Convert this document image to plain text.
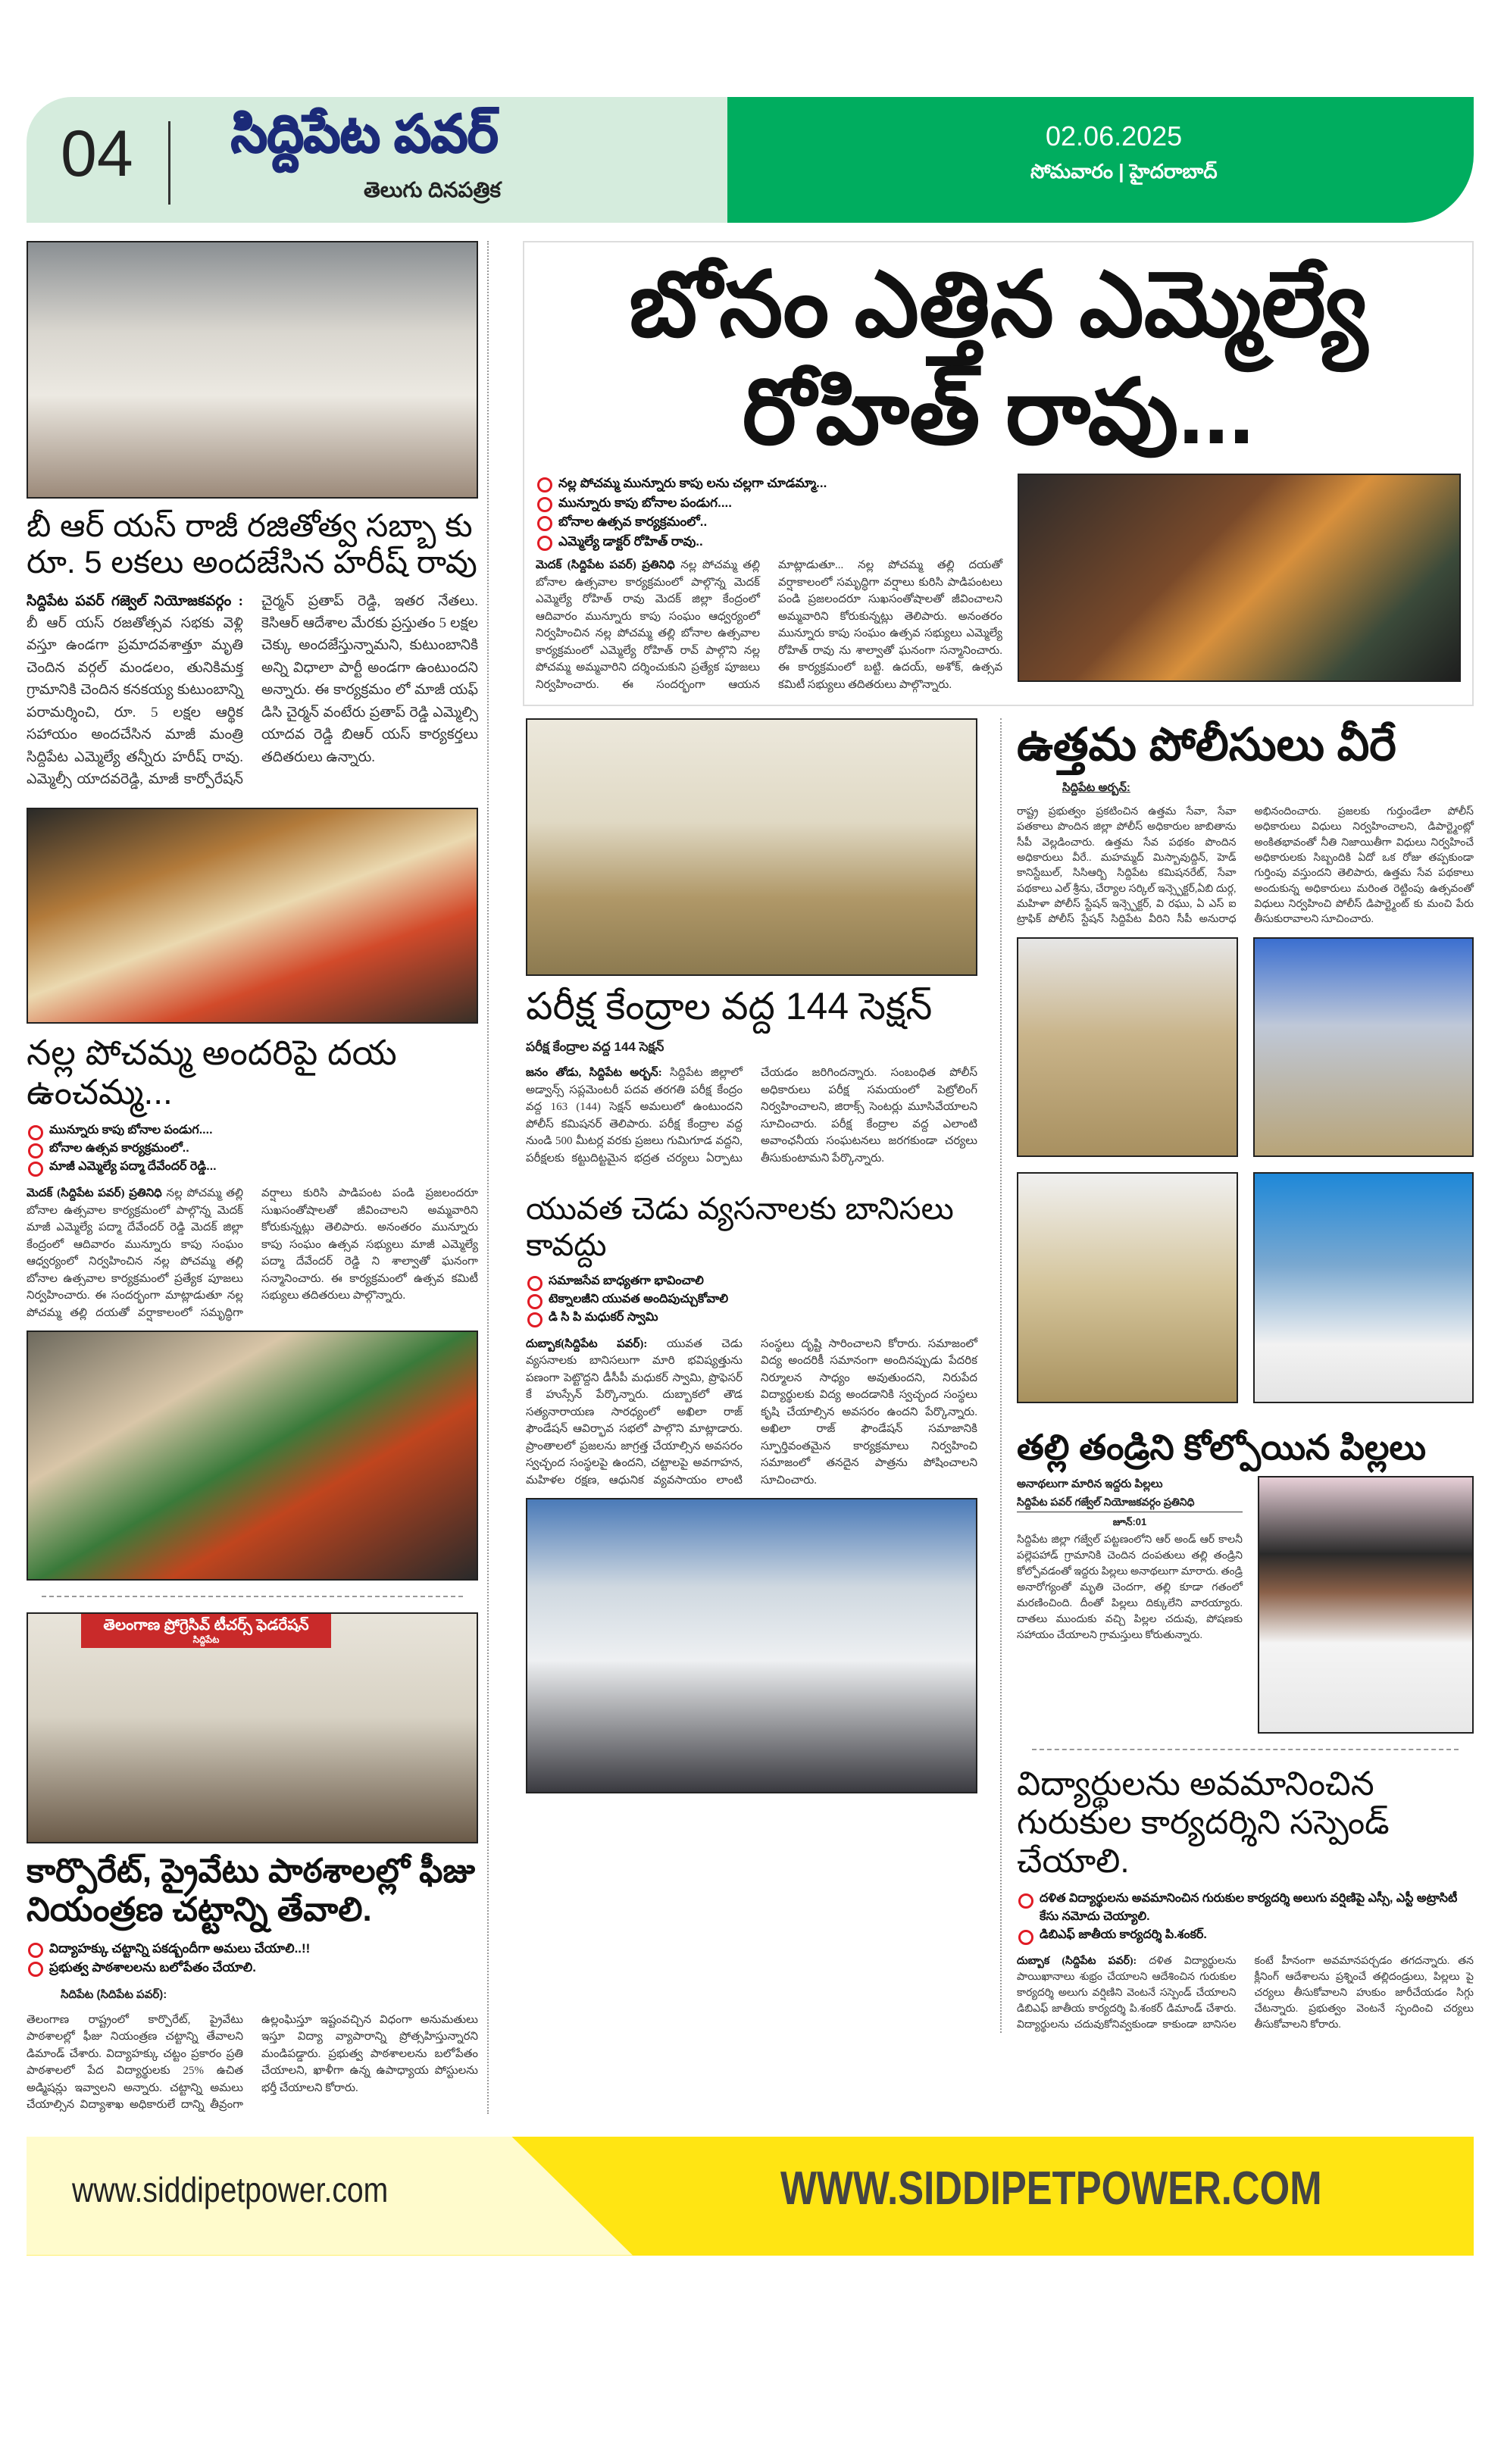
04 సిద్దిపేట పవర్
తెలుగు దినపత్రిక
02.06.2025
సోమవారం | హైదరాబాద్
బీ ఆర్ యస్ రాజీ రజితోత్వ సబ్బా కు రూ. 5 లకలు అందజేసిన హరీష్ రావు
సిద్దిపేట పవర్ గజ్వెల్ నియోజకవర్గం : బీ ఆర్ యస్ రజతోత్సవ సభకు వెళ్లి వస్తూ ఉండగా ప్రమాదవశాత్తూ మృతి చెందిన వర్గల్ మండలం, తునికిమక్త గ్రామానికి చెందిన కనకయ్య కుటుంబాన్ని పరామర్శించి, రూ. 5 లక్షల ఆర్థిక సహాయం అందచేసిన మాజీ మంత్రి సిద్దిపేట ఎమ్మెల్యే తన్నీరు హరీష్ రావు. ఎమ్మెల్సీ యాదవరెడ్డి, మాజీ కార్పోరేషన్ చైర్మన్ ప్రతాప్ రెడ్డి, ఇతర నేతలు. కెసిఆర్ ఆదేశాల మేరకు ప్రస్తుతం 5 లక్షల చెక్కు అందజేస్తున్నామని, కుటుంబానికి అన్ని విధాలా పార్టీ అండగా ఉంటుందని అన్నారు. ఈ కార్యక్రమం లో మాజీ యఫ్ డిసి చైర్మన్ వంటేరు ప్రతాప్ రెడ్డి ఎమ్మెల్సి యాదవ రెడ్డి బిఆర్ యస్ కార్యకర్తలు తదితరులు ఉన్నారు.
నల్ల పోచమ్మ అందరిపై దయ ఉంచమ్మ...
మున్నూరు కాపు బోనాల పండుగ....
బోనాల ఉత్సవ కార్యక్రమంలో..
మాజీ ఎమ్మెల్యే పద్మా దేవేందర్ రెడ్డి...
మెదక్ (సిద్దిపేట పవర్) ప్రతినిధి నల్ల పోచమ్మ తల్లి బోనాల ఉత్సవాల కార్యక్రమంలో పాల్గొన్న మెదక్ మాజీ ఎమ్మెల్యే పద్మా దేవేందర్ రెడ్డి మెదక్ జిల్లా కేంద్రంలో ఆదివారం మున్నూరు కాపు సంఘం ఆధ్వర్యంలో నిర్వహించిన నల్ల పోచమ్మ తల్లి బోనాల ఉత్సవాల కార్యక్రమంలో ప్రత్యేక పూజలు నిర్వహించారు. ఈ సందర్భంగా మాట్లాడుతూ నల్ల పోచమ్మ తల్లి దయతో వర్షాకాలంలో సమృద్ధిగా వర్షాలు కురిసి పాడిపంట పండి ప్రజలందరూ సుఖసంతోషాలతో జీవించాలని అమ్మవారిని కోరుకున్నట్లు తెలిపారు. అనంతరం మున్నూరు కాపు సంఘం ఉత్సవ సభ్యులు మాజీ ఎమ్మెల్యే పద్మా దేవేందర్ రెడ్డి ని శాల్వాతో ఘనంగా సన్మానించారు. ఈ కార్యక్రమంలో ఉత్సవ కమిటీ సభ్యులు తదితరులు పాల్గొన్నారు.
తెలంగాణ ప్రోగ్రెసివ్ టీచర్స్ ఫెడరేషన్
సిద్దిపేట
కార్పొరేట్, ప్రైవేటు పాఠశాలల్లో ఫీజు నియంత్రణ చట్టాన్ని తేవాలి.
విద్యాహక్కు చట్టాన్ని పకడ్బందీగా అమలు చేయాలి..!!
ప్రభుత్వ పాఠశాలలను బలోపేతం చేయాలి.
సిదిపేట (సిదిపేట పవర్):
తెలంగాణ రాష్ట్రంలో కార్పొరేట్, ప్రైవేటు పాఠశాలల్లో ఫీజు నియంత్రణ చట్టాన్ని తేవాలని డిమాండ్ చేశారు. విద్యాహక్కు చట్టం ప్రకారం ప్రతి పాఠశాలలో పేద విద్యార్థులకు 25% ఉచిత అడ్మిషన్లు ఇవ్వాలని అన్నారు. చట్టాన్ని అమలు చేయాల్సిన విద్యాశాఖ అధికారులే దాన్ని తీవ్రంగా ఉల్లంఘిస్తూ ఇష్టంవచ్చిన విధంగా అనుమతులు ఇస్తూ విద్యా వ్యాపారాన్ని ప్రోత్సహిస్తున్నారని మండిపడ్డారు. ప్రభుత్వ పాఠశాలలను బలోపేతం చేయాలని, ఖాళీగా ఉన్న ఉపాధ్యాయ పోస్టులను భర్తీ చేయాలని కోరారు.
బోనం ఎత్తిన ఎమ్మెల్యే రోహిత్ రావు...
నల్ల పోచమ్మ మున్నూరు కాపు లను చల్లగా చూడమ్మా...
మున్నూరు కాపు బోనాల పండుగ....
బోనాల ఉత్సవ కార్యక్రమంలో..
ఎమ్మెల్యే డాక్టర్ రోహిత్ రావు..
మెదక్ (సిద్దిపేట పవర్) ప్రతినిధి నల్ల పోచమ్మ తల్లి బోనాల ఉత్సవాల కార్యక్రమంలో పాల్గొన్న మెదక్ ఎమ్మెల్యే రోహిత్ రావు మెదక్ జిల్లా కేంద్రంలో ఆదివారం మున్నూరు కాపు సంఘం ఆధ్వర్యంలో నిర్వహించిన నల్ల పోచమ్మ తల్లి బోనాల ఉత్సవాల కార్యక్రమంలో ఎమ్మెల్యే రోహిత్ రావ్ పాల్గొని నల్ల పోచమ్మ అమ్మవారిని దర్శించుకుని ప్రత్యేక పూజలు నిర్వహించారు. ఈ సందర్భంగా ఆయన మాట్లాడుతూ... నల్ల పోచమ్మ తల్లి దయతో వర్షాకాలంలో సమృద్ధిగా వర్షాలు కురిసి పాడిపంటలు పండి ప్రజలందరూ సుఖసంతోషాలతో జీవించాలని అమ్మవారిని కోరుకున్నట్లు తెలిపారు. అనంతరం మున్నూరు కాపు సంఘం ఉత్సవ సభ్యులు ఎమ్మెల్యే రోహిత్ రావు ను శాల్వాతో ఘనంగా సన్మానించారు. ఈ కార్యక్రమంలో బట్టి. ఉదయ్, అశోక్, ఉత్సవ కమిటీ సభ్యులు తదితరులు పాల్గొన్నారు.
పరీక్ష కేంద్రాల వద్ద 144 సెక్షన్
పరీక్ష కేంద్రాల వద్ద 144 సెక్షన్
జనం తోడు, సిద్దిపేట అర్బన్: సిద్దిపేట జిల్లాలో అడ్వాన్స్ సప్లమెంటరీ పదవ తరగతి పరీక్ష కేంద్రం వద్ద 163 (144) సెక్షన్ అమలులో ఉంటుందని పోలీస్ కమిషనర్ తెలిపారు. పరీక్ష కేంద్రాల వద్ద నుండి 500 మీటర్ల వరకు ప్రజలు గుమిగూడ వద్దని, పరీక్షలకు కట్టుదిట్టమైన భద్రత చర్యలు ఏర్పాటు చేయడం జరిగిందన్నారు. సంబంధిత పోలీస్ అధికారులు పరీక్ష సమయంలో పెట్రోలింగ్ నిర్వహించాలని, జిరాక్స్ సెంటర్లు మూసివేయాలని సూచించారు. పరీక్ష కేంద్రాల వద్ద ఎలాంటి అవాంఛనీయ సంఘటనలు జరగకుండా చర్యలు తీసుకుంటామని పేర్కొన్నారు.
యువత చెడు వ్యసనాలకు బానిసలు కావద్దు
సమాజసేవ బాధ్యతగా భావించాలి
టెక్నాలజీని యువత అందిపుచ్చుకోవాలి
డి సి పి మధుకర్ స్వామి
దుబ్బాక(సిద్దిపేట పవర్): యువత చెడు వ్యసనాలకు బానిసలుగా మారి భవిష్యత్తును పణంగా పెట్టొద్దని డీసీపీ మధుకర్ స్వామి, ప్రొఫెసర్ కే హుస్సేన్ పేర్కొన్నారు. దుబ్బాకలో తౌడ సత్యనారాయణ సారధ్యంలో అఖిలా రాజ్ ఫౌండేషన్ ఆవిర్భావ సభలో పాల్గొని మాట్లాడారు. ప్రాంతాలలో ప్రజలను జాగ్రత్త చేయాల్సిన అవసరం స్వచ్ఛంద సంస్థలపై ఉందని, చట్టాలపై అవగాహన, మహిళల రక్షణ, ఆధునిక వ్యవసాయం లాంటి సంస్థలు దృష్టి సారించాలని కోరారు. సమాజంలో విద్య అందరికీ సమానంగా అందినప్పుడు పేదరిక నిర్మూలన సాధ్యం అవుతుందని, నిరుపేద విద్యార్థులకు విద్య అందడానికి స్వచ్ఛంద సంస్థలు కృషి చేయాల్సిన అవసరం ఉందని పేర్కొన్నారు. అఖిలా రాజ్ ఫౌండేషన్ సమాజానికి స్ఫూర్తివంతమైన కార్యక్రమాలు నిర్వహించి సమాజంలో తనదైన పాత్రను పోషించాలని సూచించారు.
ఉత్తమ పోలీసులు వీరే
సిద్దిపేట అర్బన్:
రాష్ట్ర ప్రభుత్వం ప్రకటించిన ఉత్తమ సేవా, సేవా పతకాలు పొందిన జిల్లా పోలీస్ అధికారుల జాబితాను సీపీ వెల్లడించారు. ఉత్తమ సేవ పథకం పొందిన అధికారులు వీరే.. మహమ్మద్ మిస్బావుద్దిన్, హెడ్ కానిస్టేబుల్, సిసిఆర్బి సిద్దిపేట కమిషనరేట్, సేవా పథకాలు ఎల్ శ్రీను, చేర్యాల సర్కిల్ ఇన్స్పెక్టర్,ఏబి దుర్గ, మహిళా పోలీస్ స్టేషన్ ఇన్స్పెక్టర్, వి రఘు, ఏ ఎస్ ఐ ట్రాఫిక్ పోలీస్ స్టేషన్ సిద్దిపేట వీరిని సీపీ అనురాధ అభినందించారు. ప్రజలకు గుర్తుండేలా పోలీస్ అధికారులు విధులు నిర్వహించాలని, డిపార్ట్మెంట్లో అంకితభావంతో నీతి నిజాయితీగా విధులు నిర్వహించే అధికారులకు సిబ్బందికి ఏదో ఒక రోజు తప్పకుండా గుర్తింపు వస్తుందని తెలిపారు, ఉత్తమ సేవ పథకాలు అందుకున్న అధికారులు మరింత రెట్టింపు ఉత్సవంతో విధులు నిర్వహించి పోలీస్ డిపార్ట్మెంట్ కు మంచి పేరు తీసుకురావాలని సూచించారు.
తల్లి తండ్రిని కోల్పోయిన పిల్లలు
అనాథలుగా మారిన ఇద్దరు పిల్లలు
సిద్దిపేట పవర్ గజ్వేల్ నియోజకవర్గం ప్రతినిధి
జూన్:01
సిద్దిపేట జిల్లా గజ్వేల్ పట్టణంలోని ఆర్ అండ్ ఆర్ కాలనీ పల్లెపహాడ్ గ్రామానికి చెందిన దంపతులు తల్లి తండ్రిని కోల్పోవడంతో ఇద్దరు పిల్లలు అనాథలుగా మారారు. తండ్రి అనారోగ్యంతో మృతి చెందగా, తల్లి కూడా గతంలో మరణించింది. దీంతో పిల్లలు దిక్కులేని వారయ్యారు. దాతలు ముందుకు వచ్చి పిల్లల చదువు, పోషణకు సహాయం చేయాలని గ్రామస్తులు కోరుతున్నారు.
విద్యార్థులను అవమానించిన గురుకుల కార్యదర్శిని సస్పెండ్ చేయాలి.
దళిత విద్యార్థులను అవమానించిన గురుకుల కార్యదర్శి అలుగు వర్షిణిపై ఎస్సీ, ఎస్టీ అట్రాసిటీ కేసు నమోదు చెయ్యాలి.
డిబిఎఫ్ జాతీయ కార్యదర్శి పి.శంకర్.
దుబ్బాక (సిద్దిపేట పవర్): దళిత విద్యార్థులను పాయిఖానాలు శుభ్రం చేయాలని ఆదేశించిన గురుకుల కార్యదర్శి అలుగు వర్షిణిని వెంటనే సస్పెండ్ చేయాలని డిబిఎఫ్ జాతీయ కార్యదర్శి పి.శంకర్ డిమాండ్ చేశారు. విద్యార్థులను చదువుకోనివ్వకుండా కాకుండా బానిసల కంటే హీనంగా అవమానపర్చడం తగదన్నారు. తన క్లీనింగ్ ఆదేశాలను ప్రశ్నించే తల్లిదండ్రులు, పిల్లలు పై చర్యలు తీసుకోవాలని హుకుం జారీచేయడం సిగ్గు చేటన్నారు. ప్రభుత్వం వెంటనే స్పందించి చర్యలు తీసుకోవాలని కోరారు.
www.siddipetpower.com	WWW.SIDDIPETPOWER.COM
